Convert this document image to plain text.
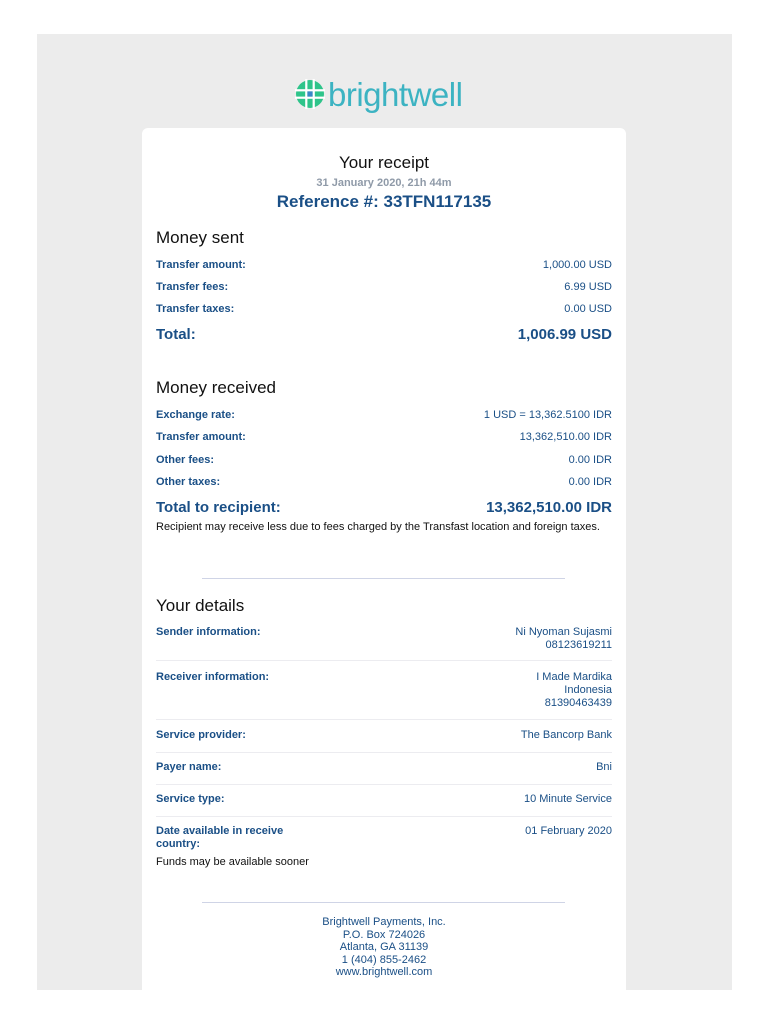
brightwell
Your receipt
31 January 2020, 21h 44m
Reference #: 33TFN117135
Money sent
Transfer amount:	1,000.00 USD
Transfer fees:	6.99 USD
Transfer taxes:	0.00 USD
Total:	1,006.99 USD
Money received
Exchange rate:	1 USD = 13,362.5100 IDR
Transfer amount:	13,362,510.00 IDR
Other fees:	0.00 IDR
Other taxes:	0.00 IDR
Total to recipient:	13,362,510.00 IDR
Recipient may receive less due to fees charged by the Transfast location and foreign taxes.
Your details
Sender information:	Ni Nyoman Sujasmi
08123619211
Receiver information:	I Made Mardika
Indonesia
81390463439
Service provider:	The Bancorp Bank
Payer name:	Bni
Service type:	10 Minute Service
Date available in receive country:
01 February 2020
Funds may be available sooner
Brightwell Payments, Inc.
P.O. Box 724026
Atlanta, GA 31139
1 (404) 855-2462
www.brightwell.com
